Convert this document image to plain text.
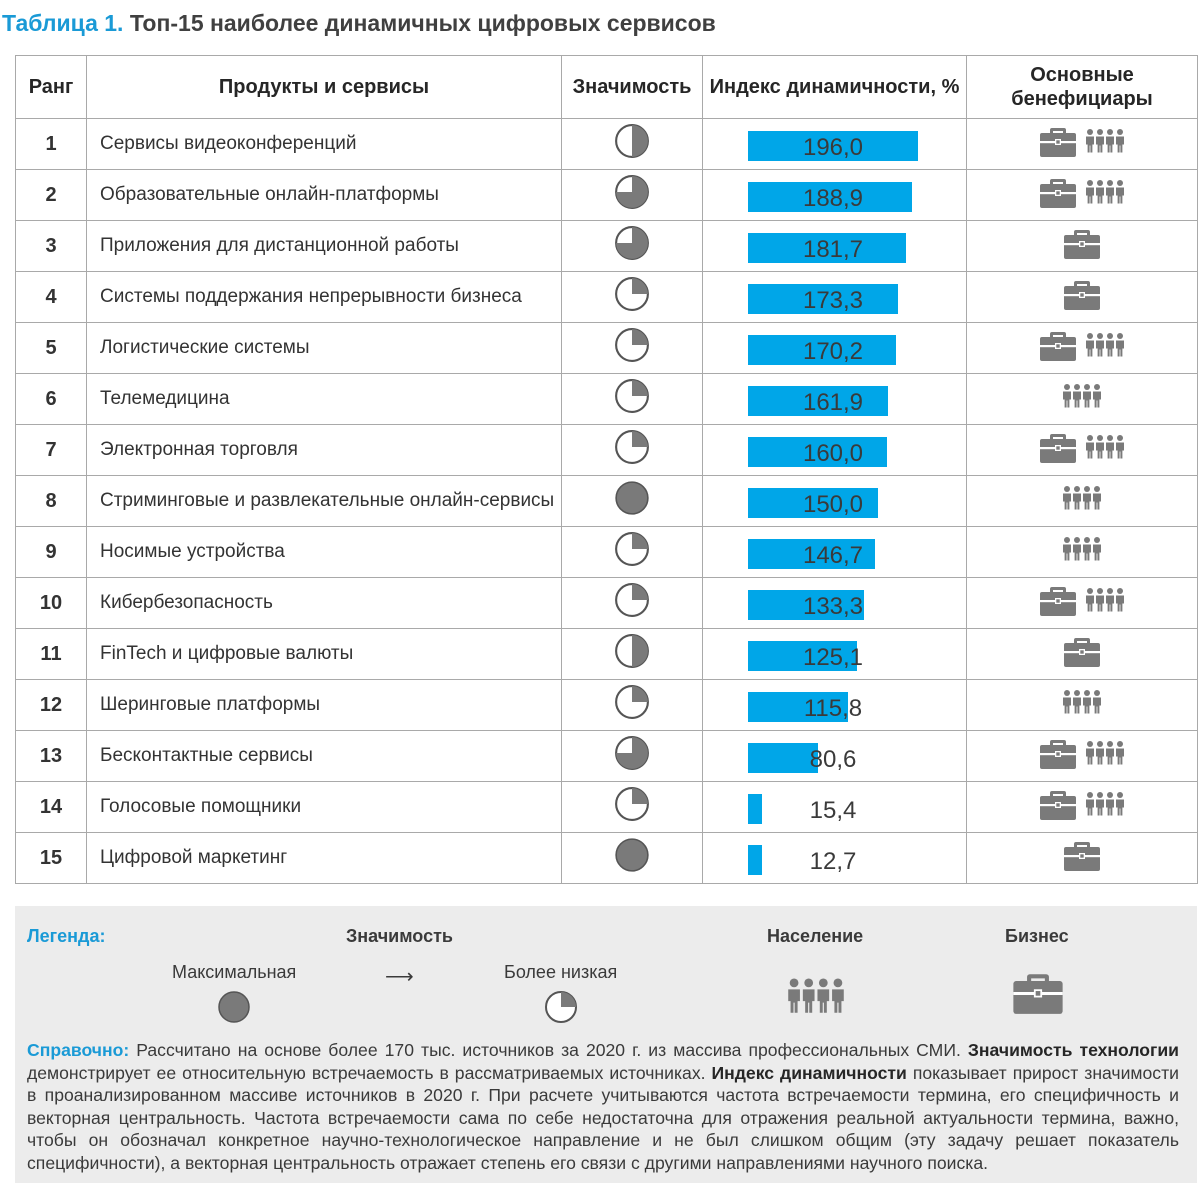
Таблица 1. Топ-15 наиболее динамичных цифровых сервисов
Ранг	Продукты и сервисы	Значимость	Индекс динамичности, %	Основные бенефициары
1	Сервисы видеоконференций		196,0

2	Образовательные онлайн-платформы		188,9

3	Приложения для дистанционной работы		181,7

4	Системы поддержания непрерывности бизнеса		173,3

5	Логистические системы		170,2

6	Телемедицина		161,9

7	Электронная торговля		160,0

8	Стриминговые и развлекательные онлайн-сервисы		150,0

9	Носимые устройства		146,7

10	Кибербезопасность		133,3

11	FinTech и цифровые валюты		125,1

12	Шеринговые платформы		115,8

13	Бесконтактные сервисы		80,6

14	Голосовые помощники		15,4

15	Цифровой маркетинг		12,7

Легенда:	Значимость
Максимальная	⟶	Более низкая
Население	Бизнес
Справочно: Рассчитано на основе более 170 тыс. источников за 2020 г. из массива профессиональных СМИ. Значимость технологии демонстрирует ее относительную встречаемость в рассматриваемых источниках. Индекс динамичности показывает прирост значимости в проанализированном массиве источников в 2020 г. При расчете учитываются частота встречаемости термина, его специфичность и векторная центральность. Частота встречаемости сама по себе недостаточна для отражения реальной актуальности термина, важно, чтобы он обозначал конкретное научно-технологическое направление и не был слишком общим (эту задачу решает показатель специфичности), а векторная центральность отражает степень его связи с другими направлениями научного поиска.
